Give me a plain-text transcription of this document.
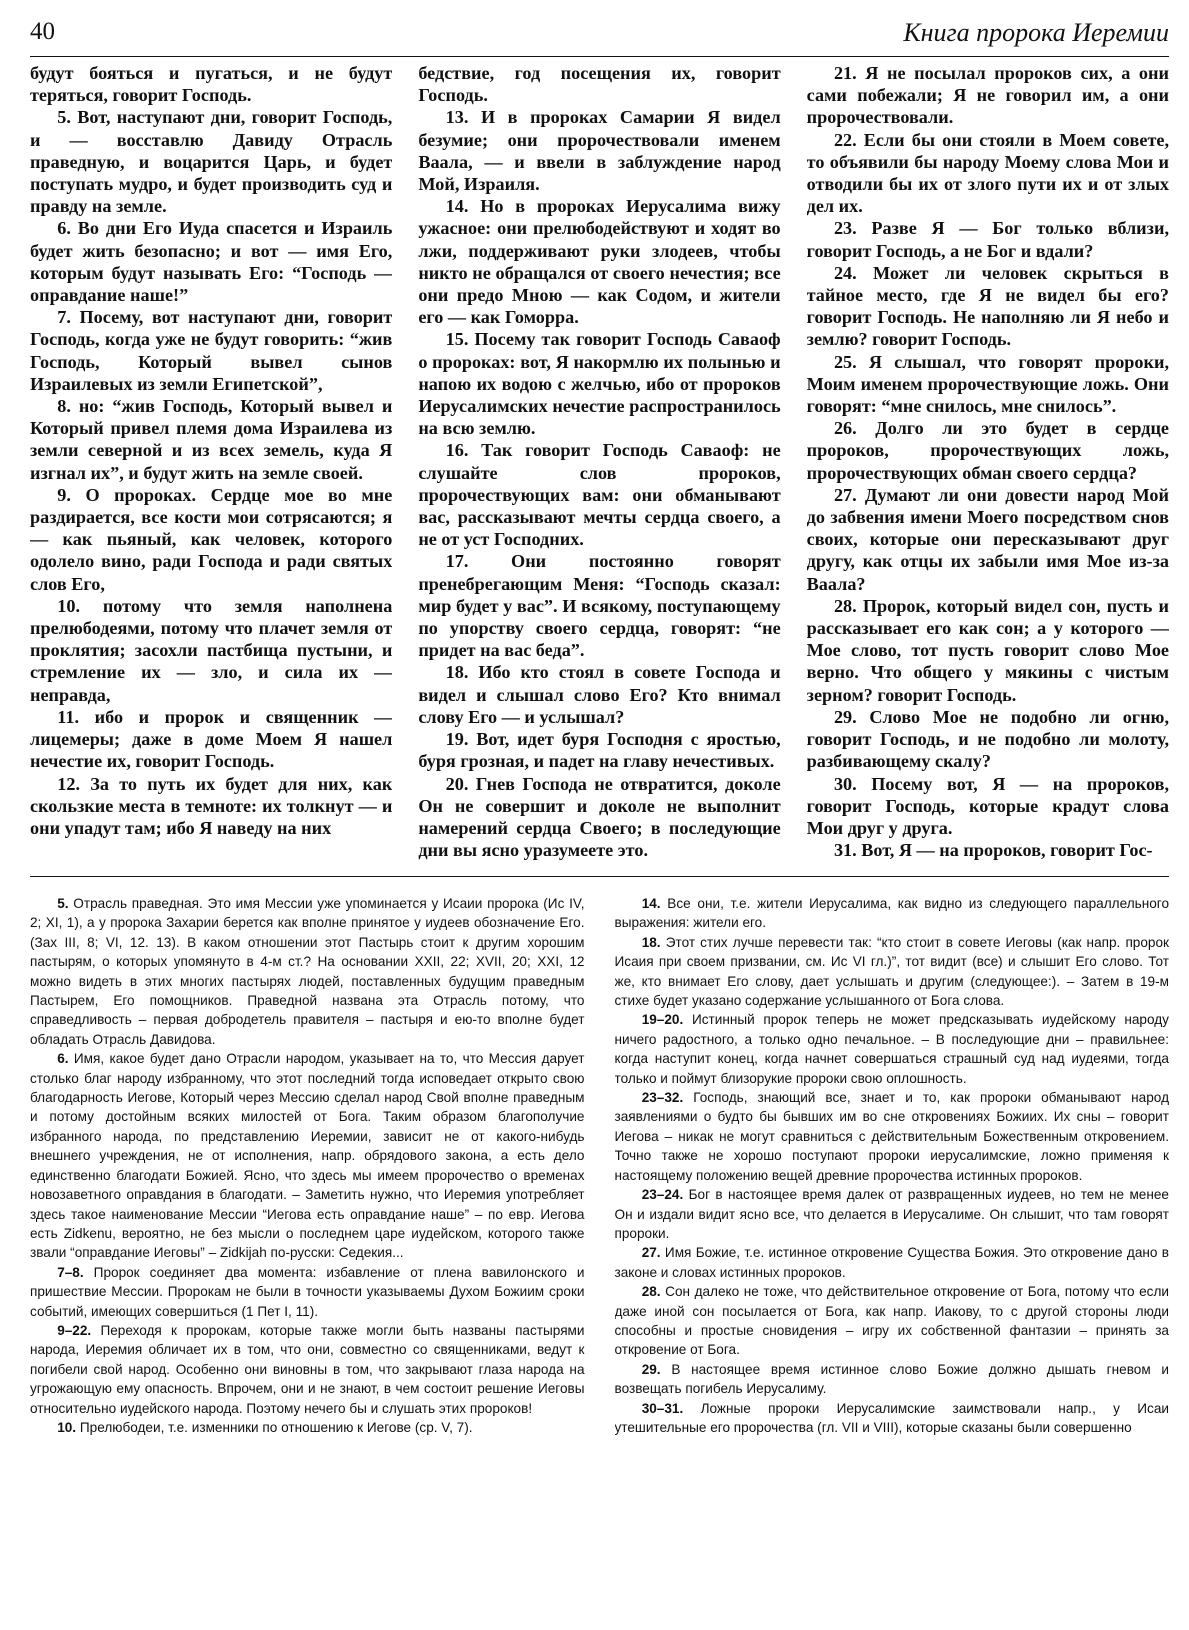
40	Книга пророка Иеремии

будут бояться и пугаться, и не будут теряться, говорит Господь.

5. Вот, наступают дни, говорит Господь, и — восставлю Давиду Отрасль праведную, и воцарится Царь, и будет поступать мудро, и будет производить суд и правду на земле.

6. Во дни Его Иуда спасется и Израиль будет жить безопасно; и вот — имя Его, которым будут называть Его: “Господь — оправдание наше!”

7. Посему, вот наступают дни, говорит Господь, когда уже не будут говорить: “жив Господь, Который вывел сынов Израилевых из земли Египетской”,

8. но: “жив Господь, Который вывел и Который привел племя дома Израилева из земли северной и из всех земель, куда Я изгнал их”, и будут жить на земле своей.

9. О пророках. Сердце мое во мне раздирается, все кости мои сотрясаются; я — как пьяный, как человек, которого одолело вино, ради Господа и ради святых слов Его,

10. потому что земля наполнена прелюбодеями, потому что плачет земля от проклятия; засохли пастбища пустыни, и стремление их — зло, и сила их — неправда,

11. ибо и пророк и священник — лицемеры; даже в доме Моем Я нашел нечестие их, говорит Господь.

12. За то путь их будет для них, как скользкие места в темноте: их толкнут — и они упадут там; ибо Я наведу на них

бедствие, год посещения их, говорит Господь.

13. И в пророках Самарии Я видел безумие; они пророчествовали именем Ваала, — и ввели в заблуждение народ Мой, Израиля.

14. Но в пророках Иерусалима вижу ужасное: они прелюбодействуют и ходят во лжи, поддерживают руки злодеев, чтобы никто не обращался от своего нечестия; все они предо Мною — как Содом, и жители его — как Гоморра.

15. Посему так говорит Господь Саваоф о пророках: вот, Я накормлю их полынью и напою их водою с желчью, ибо от пророков Иерусалимских нечестие распространилось на всю землю.

16. Так говорит Господь Саваоф: не слушайте слов пророков, пророчествующих вам: они обманывают вас, рассказывают мечты сердца своего, а не от уст Господних.

17. Они постоянно говорят пренебрегающим Меня: “Господь сказал: мир будет у вас”. И всякому, поступающему по упорству своего сердца, говорят: “не придет на вас беда”.

18. Ибо кто стоял в совете Господа и видел и слышал слово Его? Кто внимал слову Его — и услышал?

19. Вот, идет буря Господня с яростью, буря грозная, и падет на главу нечестивых.

20. Гнев Господа не отвратится, доколе Он не совершит и доколе не выполнит намерений сердца Своего; в последующие дни вы ясно уразумеете это.

21. Я не посылал пророков сих, а они сами побежали; Я не говорил им, а они пророчествовали.

22. Если бы они стояли в Моем совете, то объявили бы народу Моему слова Мои и отводили бы их от злого пути их и от злых дел их.

23. Разве Я — Бог только вблизи, говорит Господь, а не Бог и вдали?

24. Может ли человек скрыться в тайное место, где Я не видел бы его? говорит Господь. Не наполняю ли Я небо и землю? говорит Господь.

25. Я слышал, что говорят пророки, Моим именем пророчествующие ложь. Они говорят: “мне снилось, мне снилось”.

26. Долго ли это будет в сердце пророков, пророчествующих ложь, пророчествующих обман своего сердца?

27. Думают ли они довести народ Мой до забвения имени Моего посредством снов своих, которые они пересказывают друг другу, как отцы их забыли имя Мое из-за Ваала?

28. Пророк, который видел сон, пусть и рассказывает его как сон; а у которого — Мое слово, тот пусть говорит слово Мое верно. Что общего у мякины с чистым зерном? говорит Господь.

29. Слово Мое не подобно ли огню, говорит Господь, и не подобно ли молоту, разбивающему скалу?

30. Посему вот, Я — на пророков, говорит Господь, которые крадут слова Мои друг у друга.

31. Вот, Я — на пророков, говорит Гос-

5. Отрасль праведная. Это имя Мессии уже упоминается у Исаии пророка (Ис IV, 2; XI, 1), а у пророка Захарии берется как вполне принятое у иудеев обозначение Его. (Зах III, 8; VI, 12. 13). В каком отношении этот Пастырь стоит к другим хорошим пастырям, о которых упомянуто в 4-м ст.? На основании XXII, 22; XVII, 20; XXI, 12 можно видеть в этих многих пастырях людей, поставленных будущим праведным Пастырем, Его помощников. Праведной названа эта Отрасль потому, что справедливость – первая добродетель правителя – пастыря и ею-то вполне будет обладать Отрасль Давидова.

6. Имя, какое будет дано Отрасли народом, указывает на то, что Мессия дарует столько благ народу избранному, что этот последний тогда исповедает открыто свою благодарность Иегове, Который через Мессию сделал народ Свой вполне праведным и потому достойным всяких милостей от Бога. Таким образом благополучие избранного народа, по представлению Иеремии, зависит не от какого-нибудь внешнего учреждения, не от исполнения, напр. обрядового закона, а есть дело единственно благодати Божией. Ясно, что здесь мы имеем пророчество о временах новозаветного оправдания в благодати. – Заметить нужно, что Иеремия употребляет здесь такое наименование Мессии “Иегова есть оправдание наше” – по евр. Иегова есть Zidkenu, вероятно, не без мысли о последнем царе иудейском, которого также звали “оправдание Иеговы” – Zidkijah по-русски: Седекия...

7–8. Пророк соединяет два момента: избавление от плена вавилонского и пришествие Мессии. Пророкам не были в точности указываемы Духом Божиим сроки событий, имеющих совершиться (1 Пет I, 11).

9–22. Переходя к пророкам, которые также могли быть названы пастырями народа, Иеремия обличает их в том, что они, совместно со священниками, ведут к погибели свой народ. Особенно они виновны в том, что закрывают глаза народа на угрожающую ему опасность. Впрочем, они и не знают, в чем состоит решение Иеговы относительно иудейского народа. Поэтому нечего бы и слушать этих пророков!

10. Прелюбодеи, т.е. изменники по отношению к Иегове (ср. V, 7).

14. Все они, т.е. жители Иерусалима, как видно из следующего параллельного выражения: жители его.

18. Этот стих лучше перевести так: “кто стоит в совете Иеговы (как напр. пророк Исаия при своем призвании, см. Ис VI гл.)”, тот видит (все) и слышит Его слово. Тот же, кто внимает Его слову, дает услышать и другим (следующее:). – Затем в 19-м стихе будет указано содержание услышанного от Бога слова.

19–20. Истинный пророк теперь не может предсказывать иудейскому народу ничего радостного, а только одно печальное. – В последующие дни – правильнее: когда наступит конец, когда начнет совершаться страшный суд над иудеями, тогда только и поймут близорукие пророки свою оплошность.

23–32. Господь, знающий все, знает и то, как пророки обманывают народ заявлениями о будто бы бывших им во сне откровениях Божиих. Их сны – говорит Иегова – никак не могут сравниться с действительным Божественным откровением. Точно также не хорошо поступают пророки иерусалимские, ложно применяя к настоящему положению вещей древние пророчества истинных пророков.

23–24. Бог в настоящее время далек от развращенных иудеев, но тем не менее Он и издали видит ясно все, что делается в Иерусалиме. Он слышит, что там говорят пророки.

27. Имя Божие, т.е. истинное откровение Существа Божия. Это откровение дано в законе и словах истинных пророков.

28. Сон далеко не тоже, что действительное откровение от Бога, потому что если даже иной сон посылается от Бога, как напр. Иакову, то с другой стороны люди способны и простые сновидения – игру их собственной фантазии – принять за откровение от Бога.

29. В настоящее время истинное слово Божие должно дышать гневом и возвещать погибель Иерусалиму.

30–31. Ложные пророки Иерусалимские заимствовали напр., у Исаи утешительные его пророчества (гл. VII и VIII), которые сказаны были совершенно
